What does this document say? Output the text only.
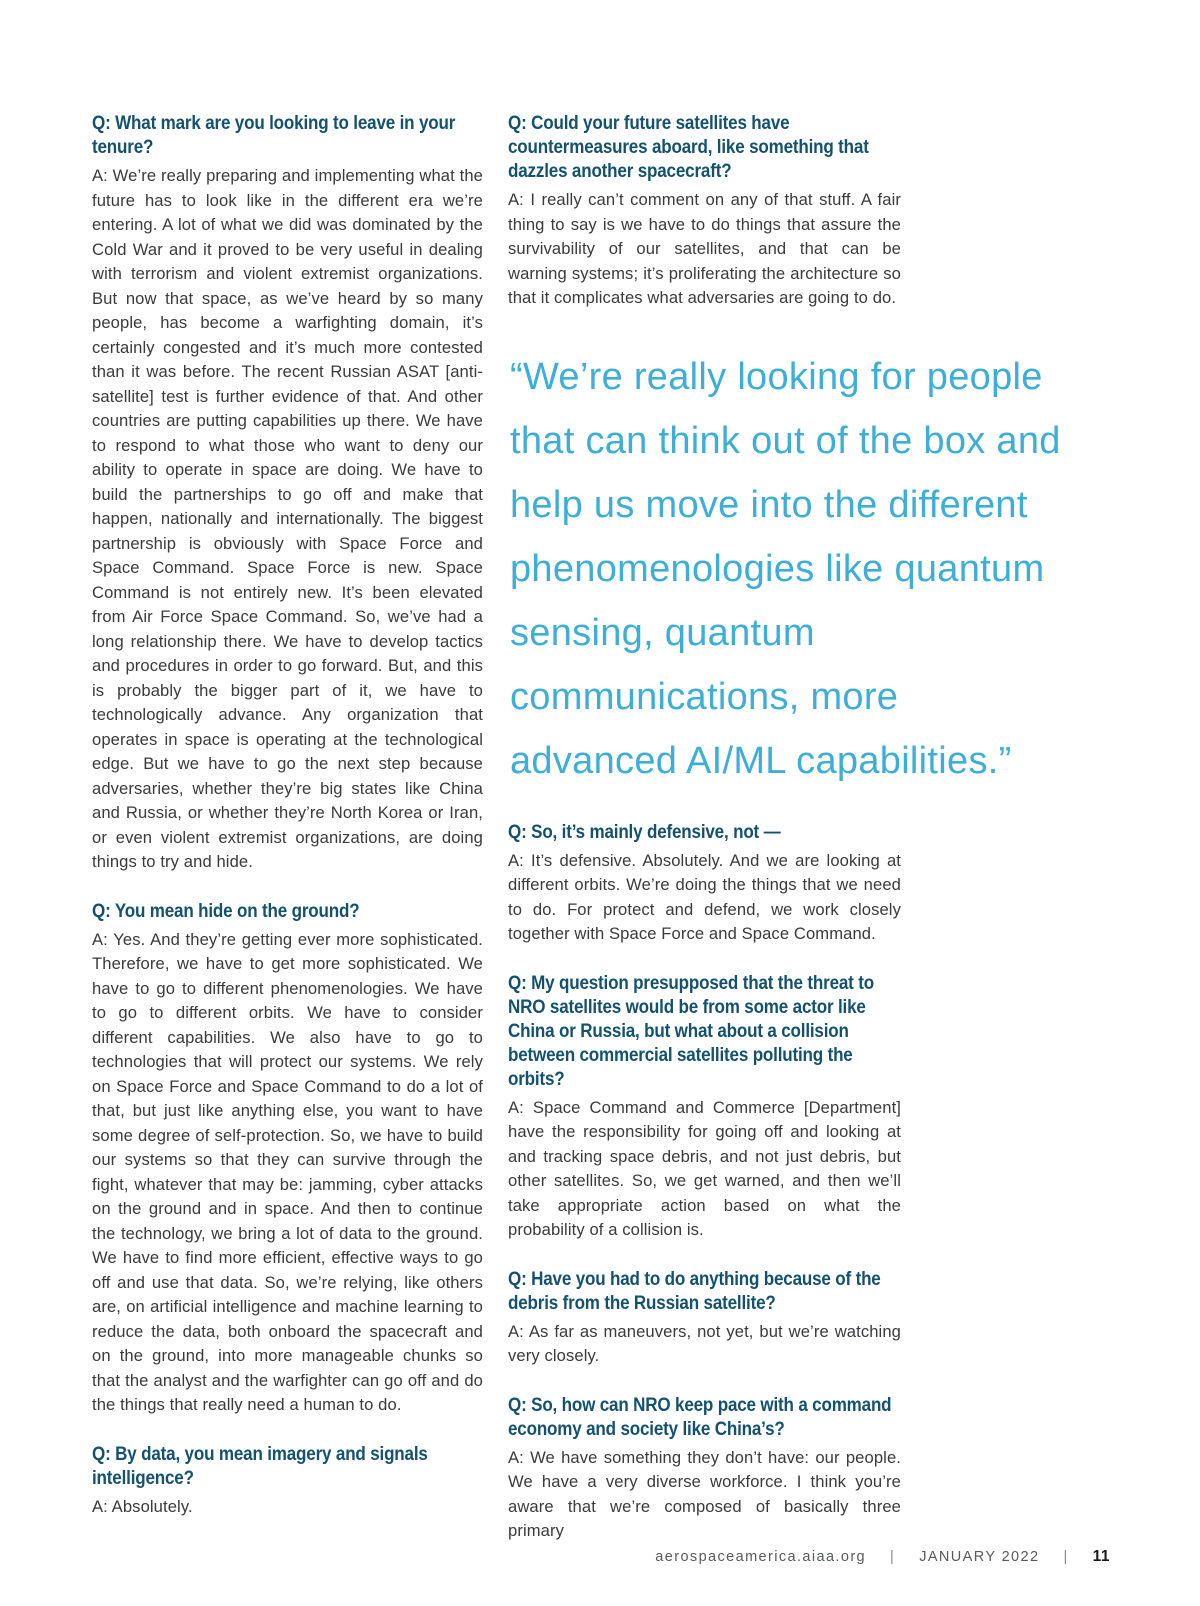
Q: What mark are you looking to leave in your tenure?

A: We’re really preparing and implementing what the future has to look like in the different era we’re entering. A lot of what we did was dominated by the Cold War and it proved to be very useful in dealing with terrorism and violent extremist organizations. But now that space, as we’ve heard by so many people, has become a warfighting domain, it’s certainly congested and it’s much more contested than it was before. The recent Russian ASAT [anti-satellite] test is further evidence of that. And other countries are putting capabilities up there. We have to respond to what those who want to deny our ability to operate in space are doing. We have to build the partnerships to go off and make that happen, nationally and internationally. The biggest partnership is obviously with Space Force and Space Command. Space Force is new. Space Command is not entirely new. It’s been elevated from Air Force Space Command. So, we’ve had a long relationship there. We have to develop tactics and procedures in order to go forward. But, and this is probably the bigger part of it, we have to technologically advance. Any organization that operates in space is operating at the technological edge. But we have to go the next step because adversaries, whether they’re big states like China and Russia, or whether they’re North Korea or Iran, or even violent extremist organizations, are doing things to try and hide.

Q: You mean hide on the ground?

A: Yes. And they’re getting ever more sophisticated. Therefore, we have to get more sophisticated. We have to go to different phenomenologies. We have to go to different orbits. We have to consider different capabilities. We also have to go to technologies that will protect our systems. We rely on Space Force and Space Command to do a lot of that, but just like anything else, you want to have some degree of self-protection. So, we have to build our systems so that they can survive through the fight, whatever that may be: jamming, cyber attacks on the ground and in space. And then to continue the technology, we bring a lot of data to the ground. We have to find more efficient, effective ways to go off and use that data. So, we’re relying, like others are, on artificial intelligence and machine learning to reduce the data, both onboard the spacecraft and on the ground, into more manageable chunks so that the analyst and the warfighter can go off and do the things that really need a human to do.

Q: By data, you mean imagery and signals intelligence?

A: Absolutely.

Q: Could your future satellites have countermeasures aboard, like something that dazzles another spacecraft?

A: I really can’t comment on any of that stuff. A fair thing to say is we have to do things that assure the survivability of our satellites, and that can be warning systems; it’s proliferating the architecture so that it complicates what adversaries are going to do.

“We’re really looking for people that can think out of the box and help us move into the different phenomenologies like quantum sensing, quantum communications, more advanced AI/ML capabilities.”
Q: So, it’s mainly defensive, not —

A: It’s defensive. Absolutely. And we are looking at different orbits. We’re doing the things that we need to do. For protect and defend, we work closely together with Space Force and Space Command.

Q: My question presupposed that the threat to NRO satellites would be from some actor like China or Russia, but what about a collision between commercial satellites polluting the orbits?

A: Space Command and Commerce [Department] have the responsibility for going off and looking at and tracking space debris, and not just debris, but other satellites. So, we get warned, and then we’ll take appropriate action based on what the probability of a collision is.

Q: Have you had to do anything because of the debris from the Russian satellite?

A: As far as maneuvers, not yet, but we’re watching very closely.

Q: So, how can NRO keep pace with a command economy and society like China’s?

A: We have something they don’t have: our people. We have a very diverse workforce. I think you’re aware that we’re composed of basically three primary

aerospaceamerica.aiaa.org | JANUARY 2022 | 11
